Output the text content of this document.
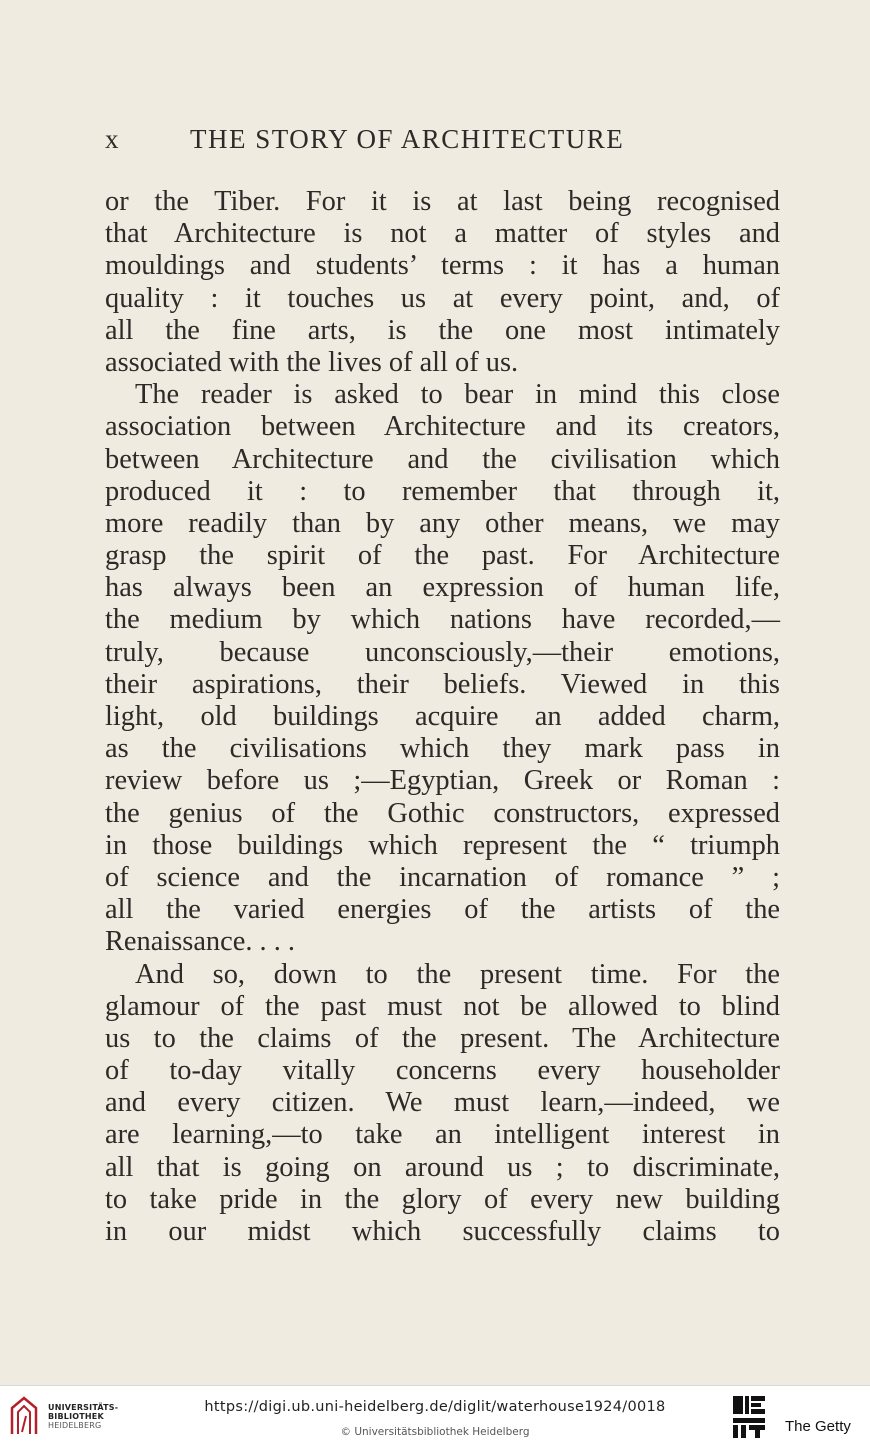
x	THE STORY OF ARCHITECTURE
or the Tiber. For it is at last being recognised
that Architecture is not a matter of styles and
mouldings and students’ terms : it has a human
quality : it touches us at every point, and, of
all the fine arts, is the one most intimately
associated with the lives of all of us.
The reader is asked to bear in mind this close
association between Architecture and its creators,
between Architecture and the civilisation which
produced it : to remember that through it,
more readily than by any other means, we may
grasp the spirit of the past. For Architecture
has always been an expression of human life,
the medium by which nations have recorded,—
truly, because unconsciously,—their emotions,
their aspirations, their beliefs. Viewed in this
light, old buildings acquire an added charm,
as the civilisations which they mark pass in
review before us ;—Egyptian, Greek or Roman :
the genius of the Gothic constructors, expressed
in those buildings which represent the “ triumph
of science and the incarnation of romance ” ;
all the varied energies of the artists of the
Renaissance. . . .
And so, down to the present time. For the
glamour of the past must not be allowed to blind
us to the claims of the present. The Architecture
of to-day vitally concerns every householder
and every citizen. We must learn,—indeed, we
are learning,—to take an intelligent interest in
all that is going on around us ; to discriminate,
to take pride in the glory of every new building
in our midst which successfully claims to
UNIVERSITÄTS-
BIBLIOTHEK
HEIDELBERG
https://digi.ub.uni-heidelberg.de/diglit/waterhouse1924/0018
© Universitätsbibliothek Heidelberg	The Getty
